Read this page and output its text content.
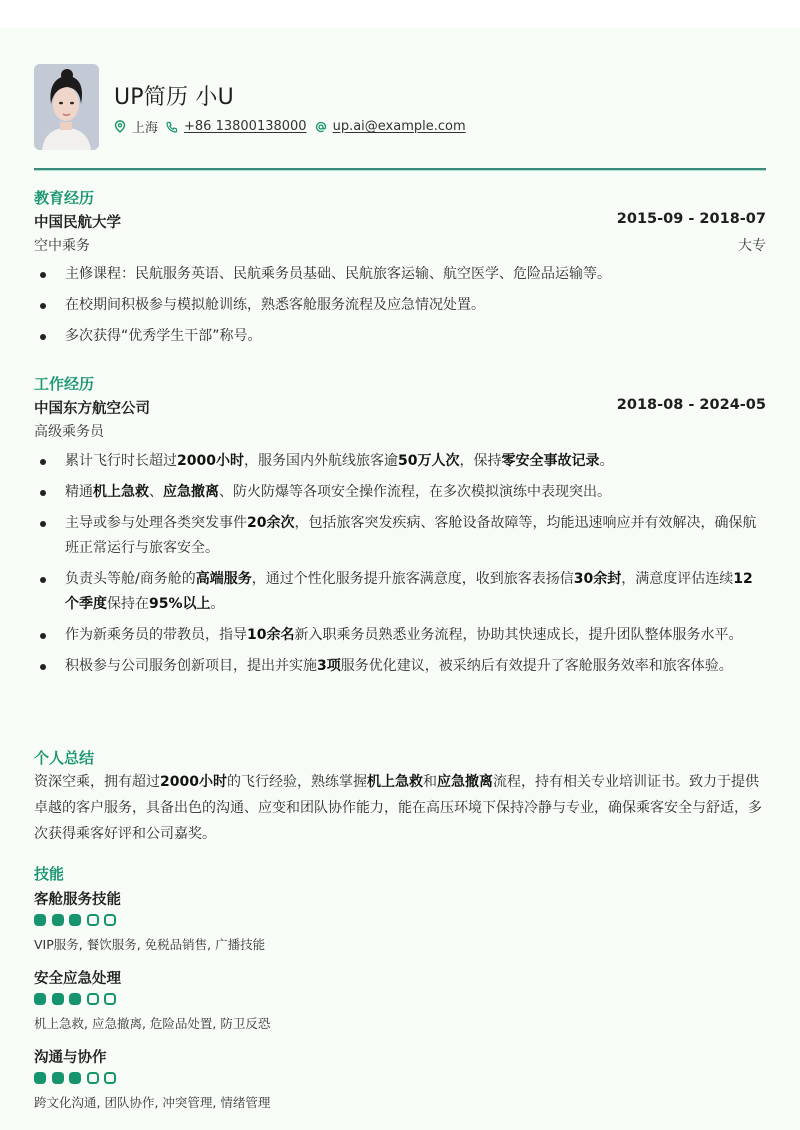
UP简历 小U
上海 +86 13800138000 up.ai@example.com
教育经历
中国民航大学	2015-09 - 2018-07
空中乘务	大专
主修课程：民航服务英语、民航乘务员基础、民航旅客运输、航空医学、危险品运输等。
在校期间积极参与模拟舱训练，熟悉客舱服务流程及应急情况处置。
多次获得“优秀学生干部”称号。
工作经历
中国东方航空公司	2018-08 - 2024-05
高级乘务员
累计飞行时长超过2000小时，服务国内外航线旅客逾50万人次，保持零安全事故记录。
精通机上急救、应急撤离、防火防爆等各项安全操作流程，在多次模拟演练中表现突出。
主导或参与处理各类突发事件20余次，包括旅客突发疾病、客舱设备故障等，均能迅速响应并有效解决，确保航班正常运行与旅客安全。
负责头等舱/商务舱的高端服务，通过个性化服务提升旅客满意度，收到旅客表扬信30余封，满意度评估连续12个季度保持在95%以上。
作为新乘务员的带教员，指导10余名新入职乘务员熟悉业务流程，协助其快速成长，提升团队整体服务水平。
积极参与公司服务创新项目，提出并实施3项服务优化建议，被采纳后有效提升了客舱服务效率和旅客体验。
个人总结
资深空乘，拥有超过2000小时的飞行经验，熟练掌握机上急救和应急撤离流程，持有相关专业培训证书。致力于提供卓越的客户服务，具备出色的沟通、应变和团队协作能力，能在高压环境下保持冷静与专业，确保乘客安全与舒适，多次获得乘客好评和公司嘉奖。
技能
客舱服务技能
VIP服务, 餐饮服务, 免税品销售, 广播技能
安全应急处理
机上急救, 应急撤离, 危险品处置, 防卫反恐
沟通与协作
跨文化沟通, 团队协作, 冲突管理, 情绪管理
